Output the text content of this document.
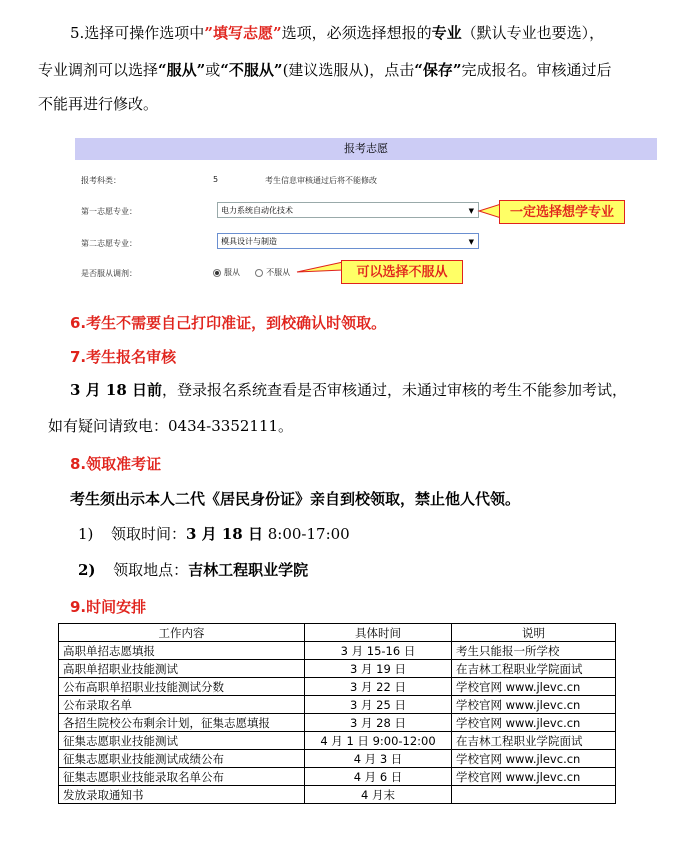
5.选择可操作选项中”填写志愿”选项，必须选择想报的专业（默认专业也要选），
专业调剂可以选择“服从”或“不服从”(建议选服从)，点击“保存”完成报名。审核通过后
不能再进行修改。
报考志愿
报考科类：	5	考生信息审核通过后将不能修改
第一志愿专业：	电力系统自动化技术	▼
第二志愿专业：	模具设计与制造	▼
是否服从调剂：	服从	不服从
一定选择想学专业
可以选择不服从
6.考生不需要自己打印准证，到校确认时领取。
7.考生报名审核
3 月 18 日前，登录报名系统查看是否审核通过，未通过审核的考生不能参加考试，
如有疑问请致电：0434-3352111。
8.领取准考证
考生须出示本人二代《居民身份证》亲自到校领取，禁止他人代领。
1) 领取时间：3 月 18 日 8:00-17:00
2) 领取地点：吉林工程职业学院
9.时间安排
工作内容	具体时间	说明
高职单招志愿填报	3 月 15-16 日	考生只能报一所学校
高职单招职业技能测试	3 月 19 日	在吉林工程职业学院面试
公布高职单招职业技能测试分数	3 月 22 日	学校官网 www.jlevc.cn
公布录取名单	3 月 25 日	学校官网 www.jlevc.cn
各招生院校公布剩余计划，征集志愿填报	3 月 28 日	学校官网 www.jlevc.cn
征集志愿职业技能测试	4 月 1 日 9:00-12:00	在吉林工程职业学院面试
征集志愿职业技能测试成绩公布	4 月 3 日	学校官网 www.jlevc.cn
征集志愿职业技能录取名单公布	4 月 6 日	学校官网 www.jlevc.cn
发放录取通知书	4 月末	
